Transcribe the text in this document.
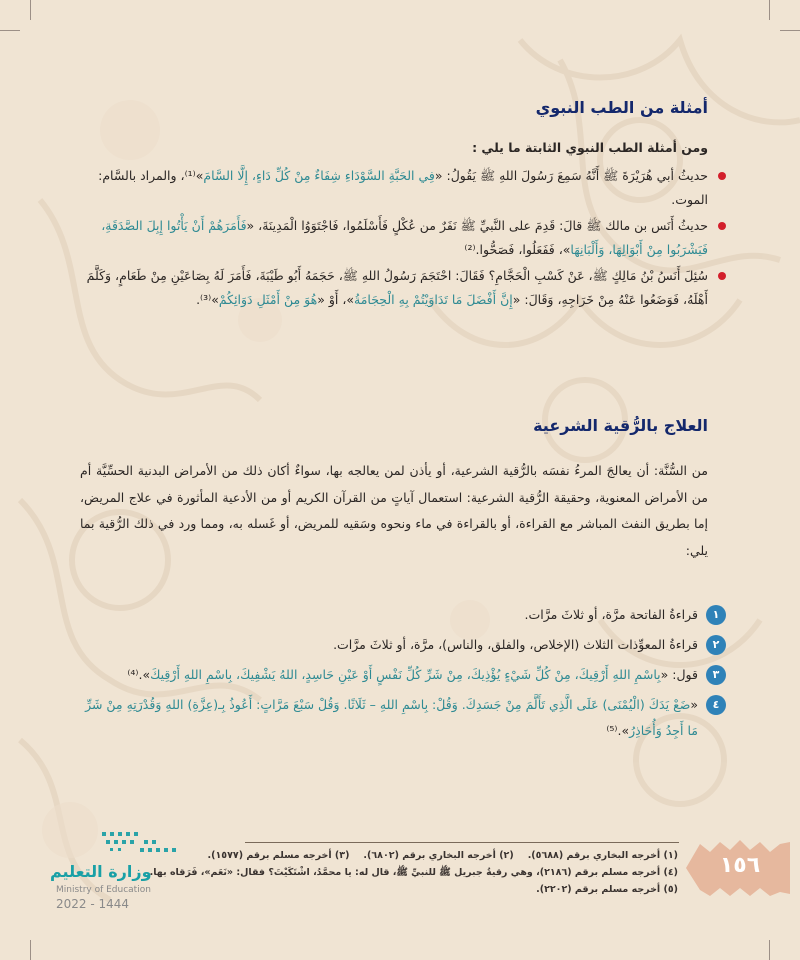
أمثلة من الطب النبوي

ومن أمثلة الطب النبوي الثابتة ما يلي :

حديثُ أبي هُرَيْرَةَ ﷺ أَنَّهُ سَمِعَ رَسُولَ اللهِ ﷺ يَقُولُ: «فِي الحَبَّةِ السَّوْدَاءِ شِفَاءٌ مِنْ كُلِّ دَاءٍ، إِلَّا السَّامَ»⁽¹⁾، والمراد بالسَّام: الموت.
حديثُ أَنَس بن مالك ﷺ قالَ: قَدِمَ على النَّبيِّ ﷺ نَفَرٌ من عُكْلٍ فَأَسْلَمُوا، فَاجْتَوَوُا الْمَدِينَةَ، «فَأَمَرَهُمْ أَنْ يَأْتُوا إِبِلَ الصَّدَقَةِ، فَيَشْرَبُوا مِنْ أَبْوَالِهَا، وَأَلْبَانِهَا»، فَفَعَلُوا، فَصَحُّوا.⁽²⁾
سُئِلَ أَنَسُ بْنُ مَالِكٍ ﷺ، عَنْ كَسْبِ الْحَجَّامِ؟ فَقَالَ: احْتَجَمَ رَسُولُ اللهِ ﷺ، حَجَمَهُ أَبُو طَيْبَةَ، فَأَمَرَ لَهُ بِصَاعَيْنِ مِنْ طَعَامٍ، وَكَلَّمَ أَهْلَهُ، فَوَضَعُوا عَنْهُ مِنْ خَرَاجِهِ، وَقَالَ: «إِنَّ أَفْضَلَ مَا تَدَاوَيْتُمْ بِهِ الْحِجَامَةُ»، أَوْ «هُوَ مِنْ أَمْثَلِ دَوَائِكُمْ»⁽³⁾.
العلاج بالرُّقية الشرعية

من السُّنَّة: أن يعالجَ المرءُ نفسَه بالرُّقية الشرعية، أو يأذن لمن يعالجه بها، سواءٌ أكان ذلك من الأمراض البدنية الحسِّيَّة أم من الأمراض المعنوية، وحقيقة الرُّقية الشرعية: استعمال آياتٍ من القرآن الكريم أو من الأدعية المأثورة في علاج المريض، إما بطريق النفث المباشر مع القراءة، أو بالقراءة في ماء ونحوه وسَقيه للمريض، أو غَسله به، ومما ورد في ذلك الرُّقية بما يلي:

١
قراءةُ الفاتحة مرَّة، أو ثلاثَ مرَّات.
٢
قراءةُ المعوِّذات الثلاث (الإخلاص، والفلق، والناس)، مرَّة، أو ثلاثَ مرَّات.
٣
قول: «بِاسْمِ اللهِ أَرْقِيكَ، مِنْ كُلِّ شَيْءٍ يُؤْذِيكَ، مِنْ شَرِّ كُلِّ نَفْسٍ أَوْ عَيْنِ حَاسِدٍ، اللهُ يَشْفِيكَ، بِاسْمِ اللهِ أَرْقِيكَ».⁽⁴⁾
٤
«ضَعْ يَدَكَ (الْيُمْنَى) عَلَى الَّذِي تَأَلَّمَ مِنْ جَسَدِكَ. وَقُلْ: بِاسْمِ اللهِ – ثَلَاثًا. وَقُلْ سَبْعَ مَرَّاتٍ: أَعُوذُ بِـ(عِزَّةِ) اللهِ وَقُدْرَتِهِ مِنْ شَرِّ مَا أَجِدُ وَأُحَاذِرُ».⁽⁵⁾
(١) أخرجه البخاري برقم (٥٦٨٨).
(٢) أخرجه البخاري برقم (٦٨٠٢).
(٣) أخرجه مسلم برقم (١٥٧٧).
(٤) أخرجه مسلم برقم (٢١٨٦)، وهي رقيةُ جبريل ﷺ للنبيِّ ﷺ، قال له: يا محمَّدُ، اشْتَكَيْتَ؟ فقال: «نَعَم»، فَرَقاه بها.
(٥) أخرجه مسلم برقم (٢٢٠٢).
١٥٦
وزارة التعليم
Ministry of Education
2022 - 1444
